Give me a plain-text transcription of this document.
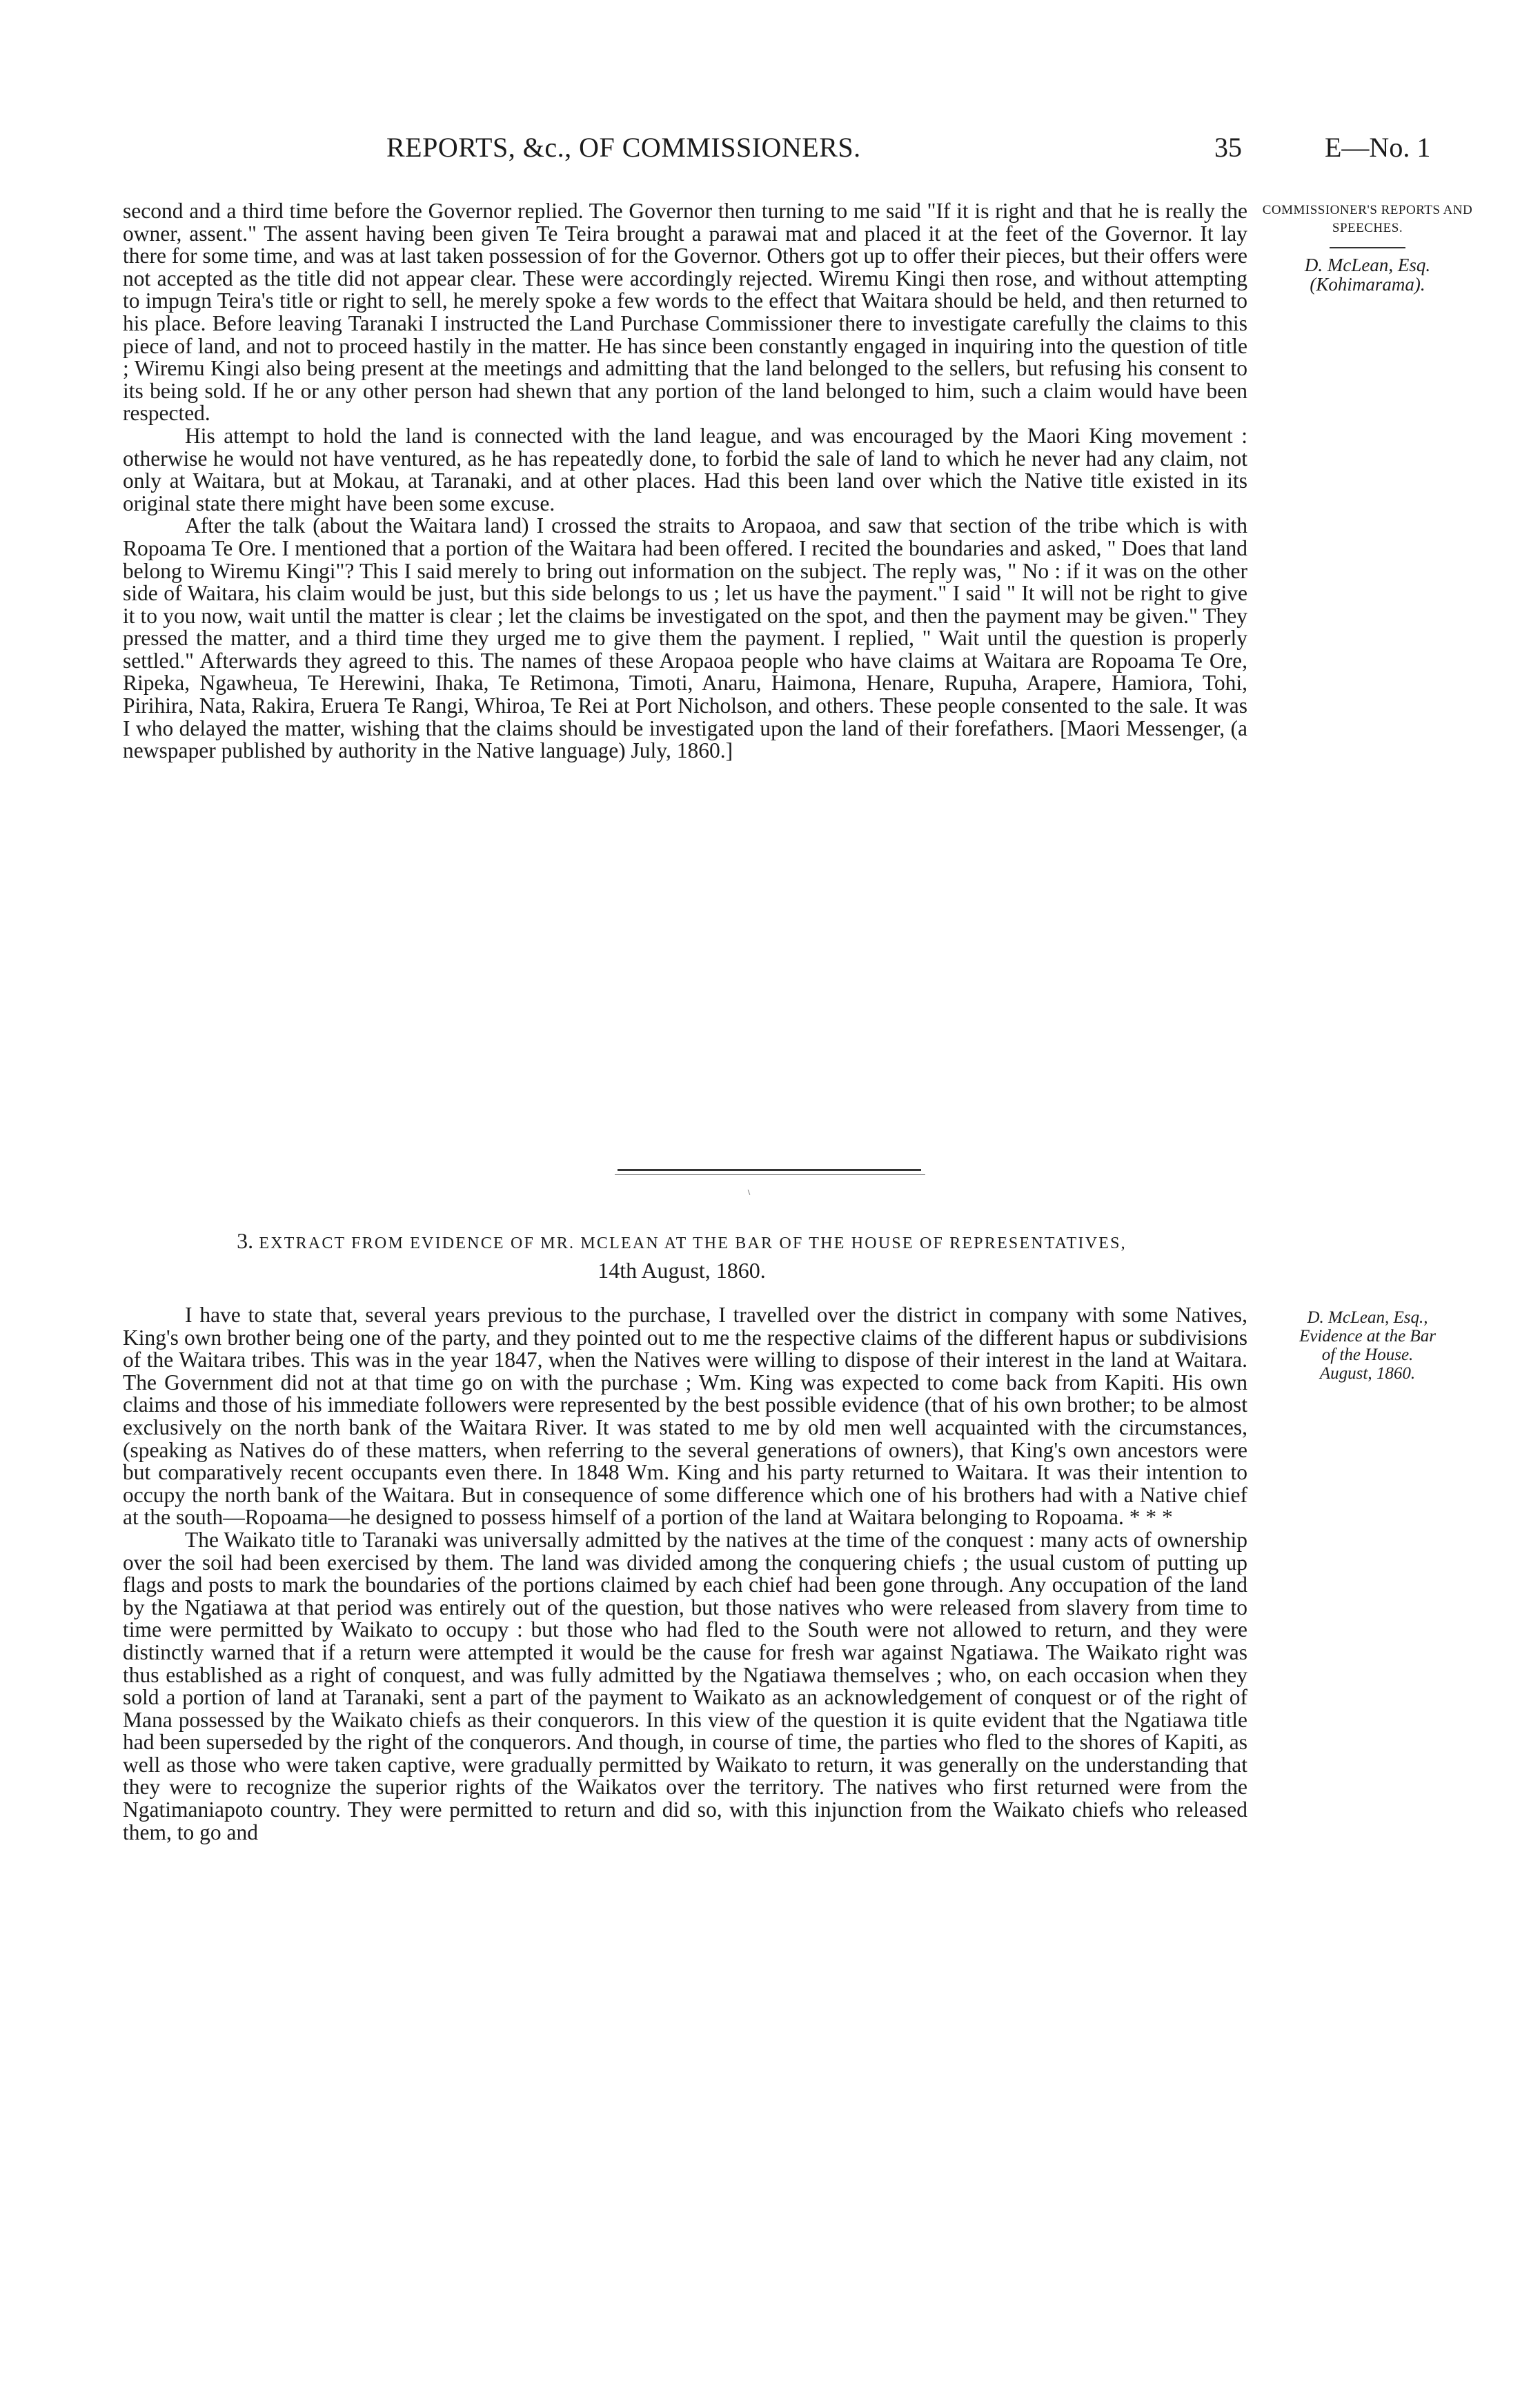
REPORTS, &c., OF COMMISSIONERS.	35	E—No. 1
COMMISSIONER'S REPORTS AND SPEECHES.
D. McLean, Esq.
(Kohimarama).

second and a third time before the Governor replied. The Governor then turning to me said "If it is right and that he is really the owner, assent." The assent having been given Te Teira brought a parawai mat and placed it at the feet of the Governor. It lay there for some time, and was at last taken possession of for the Governor. Others got up to offer their pieces, but their offers were not accepted as the title did not appear clear. These were accordingly rejected. Wiremu Kingi then rose, and without attempting to impugn Teira's title or right to sell, he merely spoke a few words to the effect that Waitara should be held, and then returned to his place. Before leaving Taranaki I instructed the Land Purchase Commissioner there to investigate carefully the claims to this piece of land, and not to proceed hastily in the matter. He has since been constantly engaged in inquiring into the question of title ; Wiremu Kingi also being present at the meetings and admitting that the land belonged to the sellers, but refusing his consent to its being sold. If he or any other person had shewn that any portion of the land belonged to him, such a claim would have been respected.

His attempt to hold the land is connected with the land league, and was encouraged by the Maori King movement : otherwise he would not have ventured, as he has repeatedly done, to forbid the sale of land to which he never had any claim, not only at Waitara, but at Mokau, at Taranaki, and at other places. Had this been land over which the Native title existed in its original state there might have been some excuse.

After the talk (about the Waitara land) I crossed the straits to Aropaoa, and saw that section of the tribe which is with Ropoama Te Ore. I mentioned that a portion of the Waitara had been offered. I recited the boundaries and asked, " Does that land belong to Wiremu Kingi"? This I said merely to bring out information on the subject. The reply was, " No : if it was on the other side of Waitara, his claim would be just, but this side belongs to us ; let us have the payment." I said " It will not be right to give it to you now, wait until the matter is clear ; let the claims be investigated on the spot, and then the payment may be given." They pressed the matter, and a third time they urged me to give them the payment. I replied, " Wait until the question is properly settled." Afterwards they agreed to this. The names of these Aropaoa people who have claims at Waitara are Ropoama Te Ore, Ripeka, Ngawheua, Te Herewini, Ihaka, Te Retimona, Timoti, Anaru, Haimona, Henare, Rupuha, Arapere, Hamiora, Tohi, Pirihira, Nata, Rakira, Eruera Te Rangi, Whiroa, Te Rei at Port Nicholson, and others. These people consented to the sale. It was I who delayed the matter, wishing that the claims should be investigated upon the land of their forefathers. [Maori Messenger, (a newspaper published by authority in the Native language) July, 1860.]

3. EXTRACT FROM EVIDENCE OF MR. MCLEAN AT THE BAR OF THE HOUSE OF REPRESENTATIVES,
14th August, 1860.
D. McLean, Esq.,
Evidence at the Bar
of the House.
August, 1860.

I have to state that, several years previous to the purchase, I travelled over the district in company with some Natives, King's own brother being one of the party, and they pointed out to me the respective claims of the different hapus or subdivisions of the Waitara tribes. This was in the year 1847, when the Natives were willing to dispose of their interest in the land at Waitara. The Government did not at that time go on with the purchase ; Wm. King was expected to come back from Kapiti. His own claims and those of his immediate followers were represented by the best possible evidence (that of his own brother; to be almost exclusively on the north bank of the Waitara River. It was stated to me by old men well acquainted with the circumstances, (speaking as Natives do of these matters, when referring to the several generations of owners), that King's own ancestors were but comparatively recent occupants even there. In 1848 Wm. King and his party returned to Waitara. It was their intention to occupy the north bank of the Waitara. But in consequence of some difference which one of his brothers had with a Native chief at the south—Ropoama—he designed to possess himself of a portion of the land at Waitara belonging to Ropoama. * * *

The Waikato title to Taranaki was universally admitted by the natives at the time of the conquest : many acts of ownership over the soil had been exercised by them. The land was divided among the conquering chiefs ; the usual custom of putting up flags and posts to mark the boundaries of the portions claimed by each chief had been gone through. Any occupation of the land by the Ngatiawa at that period was entirely out of the question, but those natives who were released from slavery from time to time were permitted by Waikato to occupy : but those who had fled to the South were not allowed to return, and they were distinctly warned that if a return were attempted it would be the cause for fresh war against Ngatiawa. The Waikato right was thus established as a right of conquest, and was fully admitted by the Ngatiawa themselves ; who, on each occasion when they sold a portion of land at Taranaki, sent a part of the payment to Waikato as an acknowledgement of conquest or of the right of Mana possessed by the Waikato chiefs as their conquerors. In this view of the question it is quite evident that the Ngatiawa title had been superseded by the right of the conquerors. And though, in course of time, the parties who fled to the shores of Kapiti, as well as those who were taken captive, were gradually permitted by Waikato to return, it was generally on the understanding that they were to recognize the superior rights of the Waikatos over the territory. The natives who first returned were from the Ngatimaniapoto country. They were permitted to return and did so, with this injunction from the Waikato chiefs who released them, to go and
